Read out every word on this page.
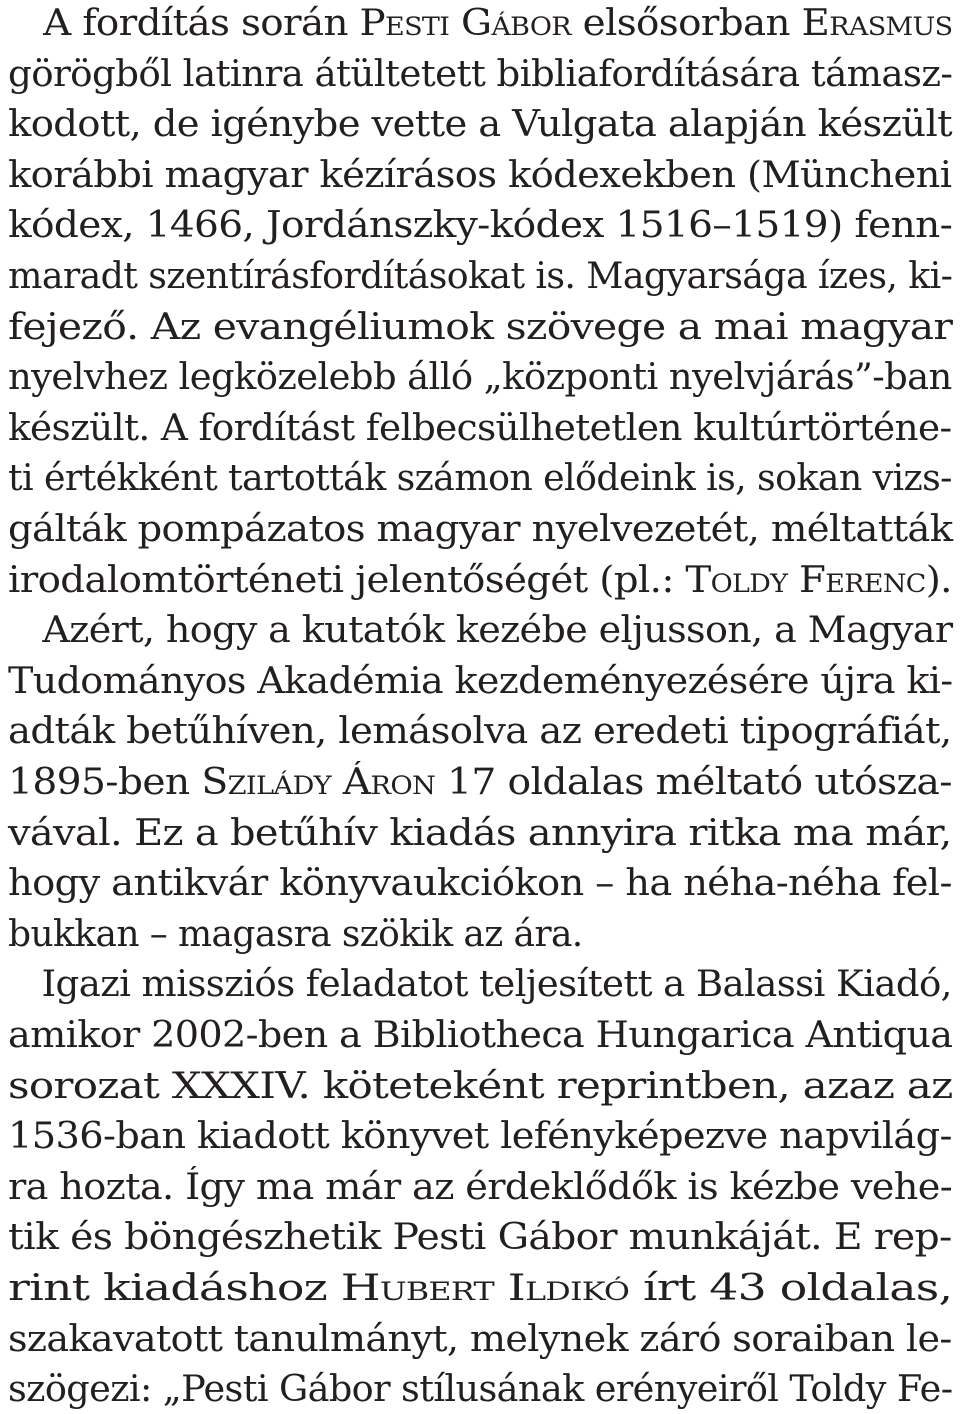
A fordítás során Pesti Gábor elsősorban Erasmus
görögből latinra átültetett bibliafordítására támasz-
kodott, de igénybe vette a Vulgata alapján készült
korábbi magyar kézírásos kódexekben (Müncheni
kódex, 1466, Jordánszky-kódex 1516–1519) fenn-
maradt szentírásfordításokat is. Magyarsága ízes, ki-
fejező. Az evangéliumok szövege a mai magyar
nyelvhez legközelebb álló „központi nyelvjárás”-ban
készült. A fordítást felbecsülhetetlen kultúrtörténe-
ti értékként tartották számon elődeink is, sokan vizs-
gálták pompázatos magyar nyelvezetét, méltatták
irodalomtörténeti jelentőségét (pl.: Toldy Ferenc).
Azért, hogy a kutatók kezébe eljusson, a Magyar
Tudományos Akadémia kezdeményezésére újra ki-
adták betűhíven, lemásolva az eredeti tipográfiát,
1895-ben Szilády Áron 17 oldalas méltató utósza-
vával. Ez a betűhív kiadás annyira ritka ma már,
hogy antikvár könyvaukciókon – ha néha-néha fel-
bukkan – magasra szökik az ára.
Igazi missziós feladatot teljesített a Balassi Kiadó,
amikor 2002-ben a Bibliotheca Hungarica Antiqua
sorozat XXXIV. köteteként reprintben, azaz az
1536-ban kiadott könyvet lefényképezve napvilág-
ra hozta. Így ma már az érdeklődők is kézbe vehe-
tik és böngészhetik Pesti Gábor munkáját. E rep-
rint kiadáshoz Hubert Ildikó írt 43 oldalas,
szakavatott tanulmányt, melynek záró soraiban le-
szögezi: „Pesti Gábor stílusának erényeiről Toldy Fe-
